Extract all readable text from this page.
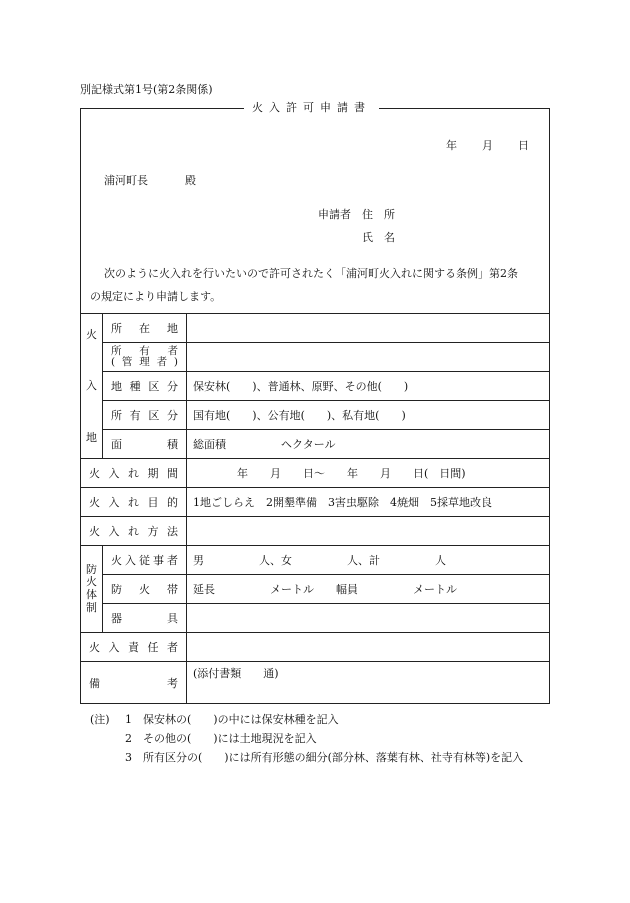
別記様式第1号(第2条関係)
火入許可申請書
年 月 日
浦河町長	殿
申請者 住　所
氏　名
次のように火入れを行いたいので許可されたく「浦河町火入れに関する条例」第2条
の規定により申請します。
火
入
地	所在地	

	所有者
(管理者)	

	地種区分	保安林(　　)、普通林、原野、その他(　　)
	所有区分	国有地(　　)、公有地(　　)、私有地(　　)
	面積	総面積　　　　　ヘクタール
火入れ期間		年　　月　　日〜　　年　　月　　日(　日間)
火入れ目的		1地ごしらえ　2開墾準備　3害虫駆除　4焼畑　5採草地改良
火入れ方法		

防
火
体
制	火入従事者	男　　　　　人、女　　　　　人、計　　　　　人
	防火帯	延長　　　　　メートル　　幅員　　　　　メートル
	器具	
火入責任者		
備考		(添付書類　　通)
(注) 1 保安林の(　　)の中には保安林種を記入
2 その他の(　　)には土地現況を記入
3 所有区分の(　　)には所有形態の細分(部分林、落葉有林、社寺有林等)を記入
